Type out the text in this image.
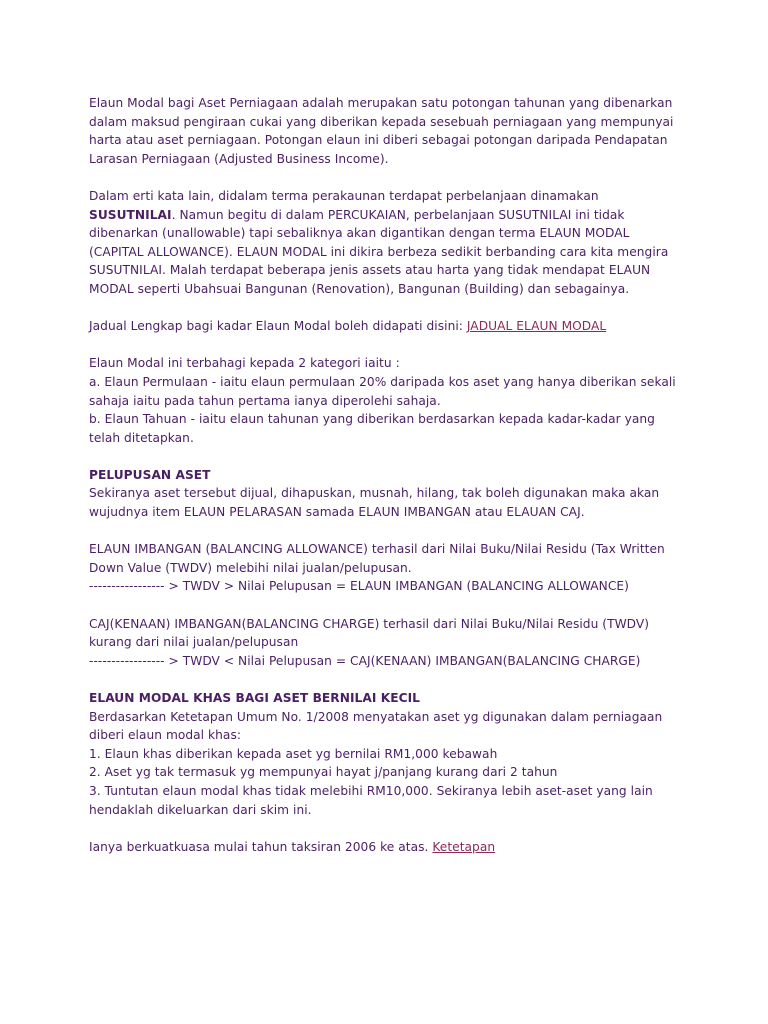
Elaun Modal bagi Aset Perniagaan adalah merupakan satu potongan tahunan yang dibenarkan
dalam maksud pengiraan cukai yang diberikan kepada sesebuah perniagaan yang mempunyai
harta atau aset perniagaan. Potongan elaun ini diberi sebagai potongan daripada Pendapatan
Larasan Perniagaan (Adjusted Business Income).

Dalam erti kata lain, didalam terma perakaunan terdapat perbelanjaan dinamakan
SUSUTNILAI. Namun begitu di dalam PERCUKAIAN, perbelanjaan SUSUTNILAI ini tidak
dibenarkan (unallowable) tapi sebaliknya akan digantikan dengan terma ELAUN MODAL
(CAPITAL ALLOWANCE). ELAUN MODAL ini dikira berbeza sedikit berbanding cara kita mengira
SUSUTNILAI. Malah terdapat beberapa jenis assets atau harta yang tidak mendapat ELAUN
MODAL seperti Ubahsuai Bangunan (Renovation), Bangunan (Building) dan sebagainya.

Jadual Lengkap bagi kadar Elaun Modal boleh didapati disini: JADUAL ELAUN MODAL

Elaun Modal ini terbahagi kepada 2 kategori iaitu :
a. Elaun Permulaan - iaitu elaun permulaan 20% daripada kos aset yang hanya diberikan sekali
sahaja iaitu pada tahun pertama ianya diperolehi sahaja.
b. Elaun Tahuan - iaitu elaun tahunan yang diberikan berdasarkan kepada kadar-kadar yang
telah ditetapkan.

PELUPUSAN ASET
Sekiranya aset tersebut dijual, dihapuskan, musnah, hilang, tak boleh digunakan maka akan
wujudnya item ELAUN PELARASAN samada ELAUN IMBANGAN atau ELAUAN CAJ.

ELAUN IMBANGAN (BALANCING ALLOWANCE) terhasil dari Nilai Buku/Nilai Residu (Tax Written
Down Value (TWDV) melebihi nilai jualan/pelupusan.
----------------- > TWDV > Nilai Pelupusan = ELAUN IMBANGAN (BALANCING ALLOWANCE)

CAJ(KENAAN) IMBANGAN(BALANCING CHARGE) terhasil dari Nilai Buku/Nilai Residu (TWDV)
kurang dari nilai jualan/pelupusan
----------------- > TWDV < Nilai Pelupusan = CAJ(KENAAN) IMBANGAN(BALANCING CHARGE)

ELAUN MODAL KHAS BAGI ASET BERNILAI KECIL
Berdasarkan Ketetapan Umum No. 1/2008 menyatakan aset yg digunakan dalam perniagaan
diberi elaun modal khas:
1. Elaun khas diberikan kepada aset yg bernilai RM1,000 kebawah
2. Aset yg tak termasuk yg mempunyai hayat j/panjang kurang dari 2 tahun
3. Tuntutan elaun modal khas tidak melebihi RM10,000. Sekiranya lebih aset-aset yang lain
hendaklah dikeluarkan dari skim ini.

Ianya berkuatkuasa mulai tahun taksiran 2006 ke atas. Ketetapan
